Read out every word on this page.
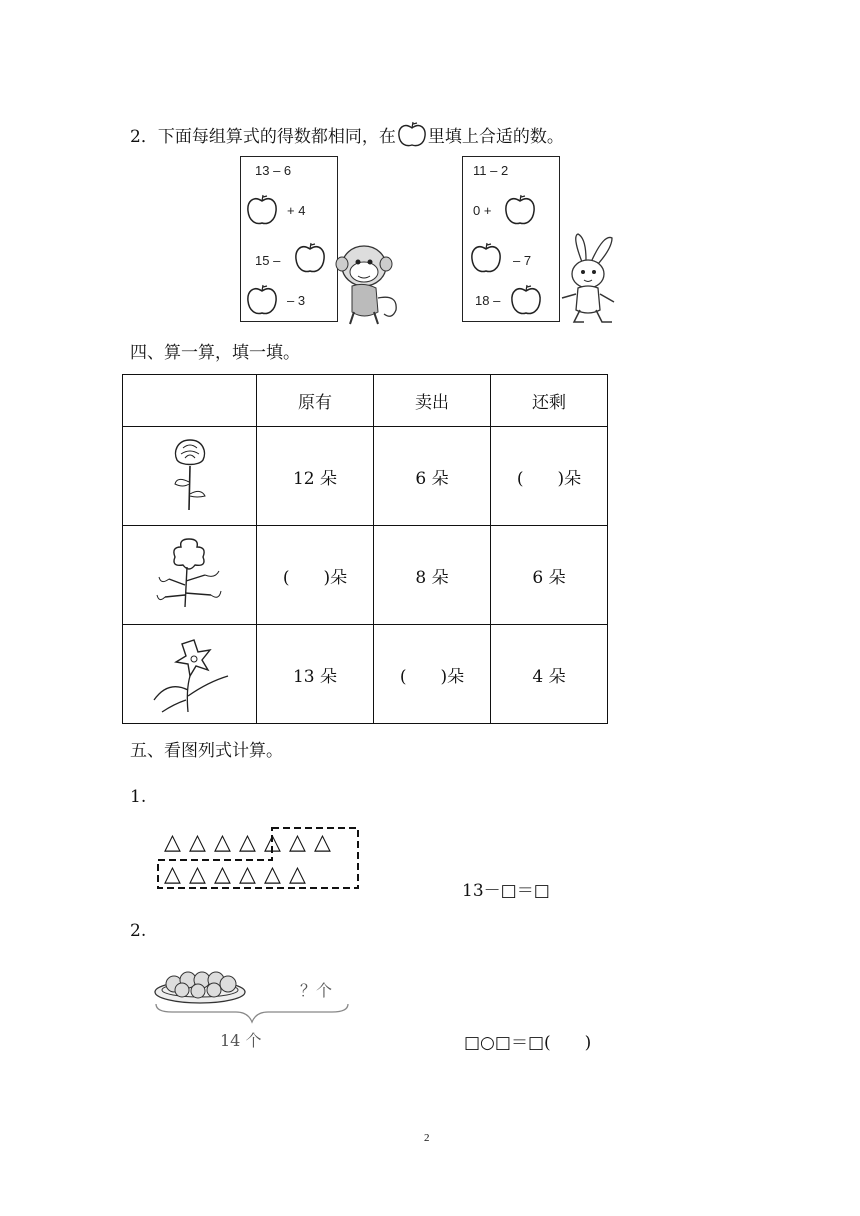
2．下面每组算式的得数都相同，在 里填上合适的数。
13 – 6
+ 4
15 –
– 3
11 – 2
0 +
– 7
18 –
四、算一算，填一填。
	原有	卖出	还剩
	12 朵	6 朵	(　　)朵
	(　　)朵	8 朵	6 朵
	13 朵	(　　)朵	4 朵
五、看图列式计算。
1.
△ △ △ △ △ △ △
△ △ △ △ △ △
13－□＝□
2.
？个
14 个	□○□＝□(　　)
2
